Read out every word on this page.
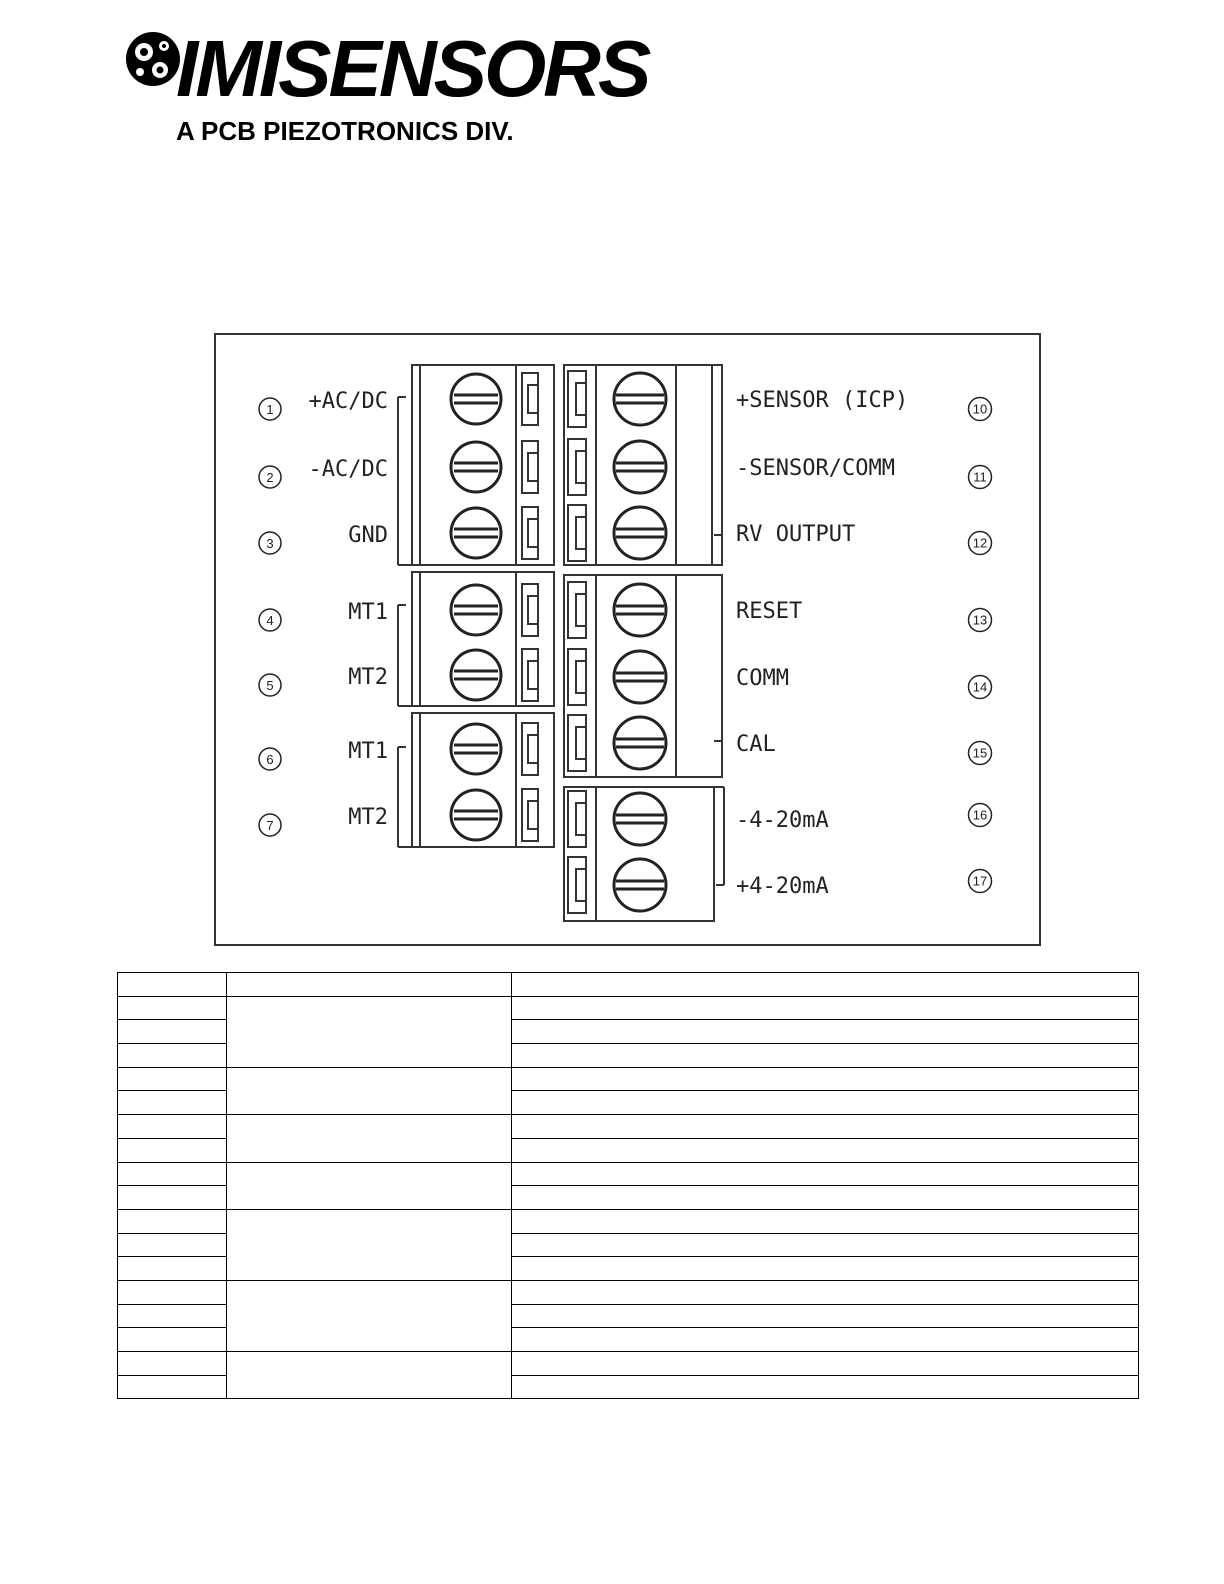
IMISENSORS
A PCB PIEZOTRONICS DIV.
1 +AC/DC
2 -AC/DC
3	GND
4	MT1
5	MT2
6	MT1
7	MT2
+SENSOR (ICP)	10
-SENSOR/COMM	11
RV OUTPUT	12
RESET	13
COMM	14
CAL	15
-4-20mA	16
+4-20mA	17
